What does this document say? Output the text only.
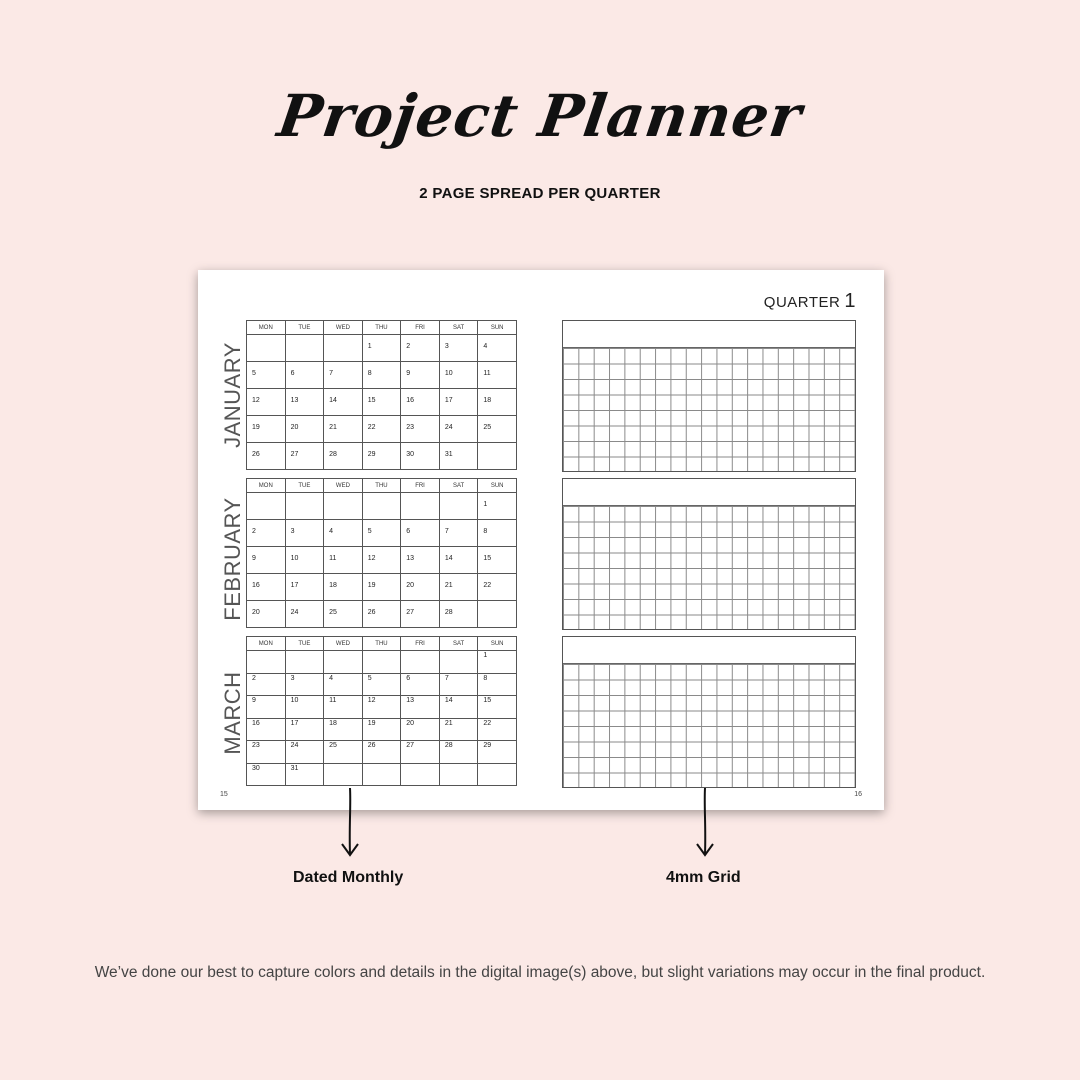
Project Planner
2 PAGE SPREAD PER QUARTER
QUARTER 1
JANUARY
FEBRUARY
MARCH
MON	TUE	WED	THU	FRI	SAT	SUN

			1	2	3	4

5	6	7	8	9	10	11

12	13	14	15	16	17	18

19	20	21	22	23	24	25

26	27	28	29	30	31	

MON	TUE	WED	THU	FRI	SAT	SUN

						1

2	3	4	5	6	7	8

9	10	11	12	13	14	15

16	17	18	19	20	21	22

20	24	25	26	27	28	

MON	TUE	WED	THU	FRI	SAT	SUN

						1

2	3	4	5	6	7	8

9	10	11	12	13	14	15

16	17	18	19	20	21	22

23	24	25	26	27	28	29

30	31					

15	16
Dated Monthly	4mm Grid
We’ve done our best to capture colors and details in the digital image(s) above, but slight variations may occur in the final product.
